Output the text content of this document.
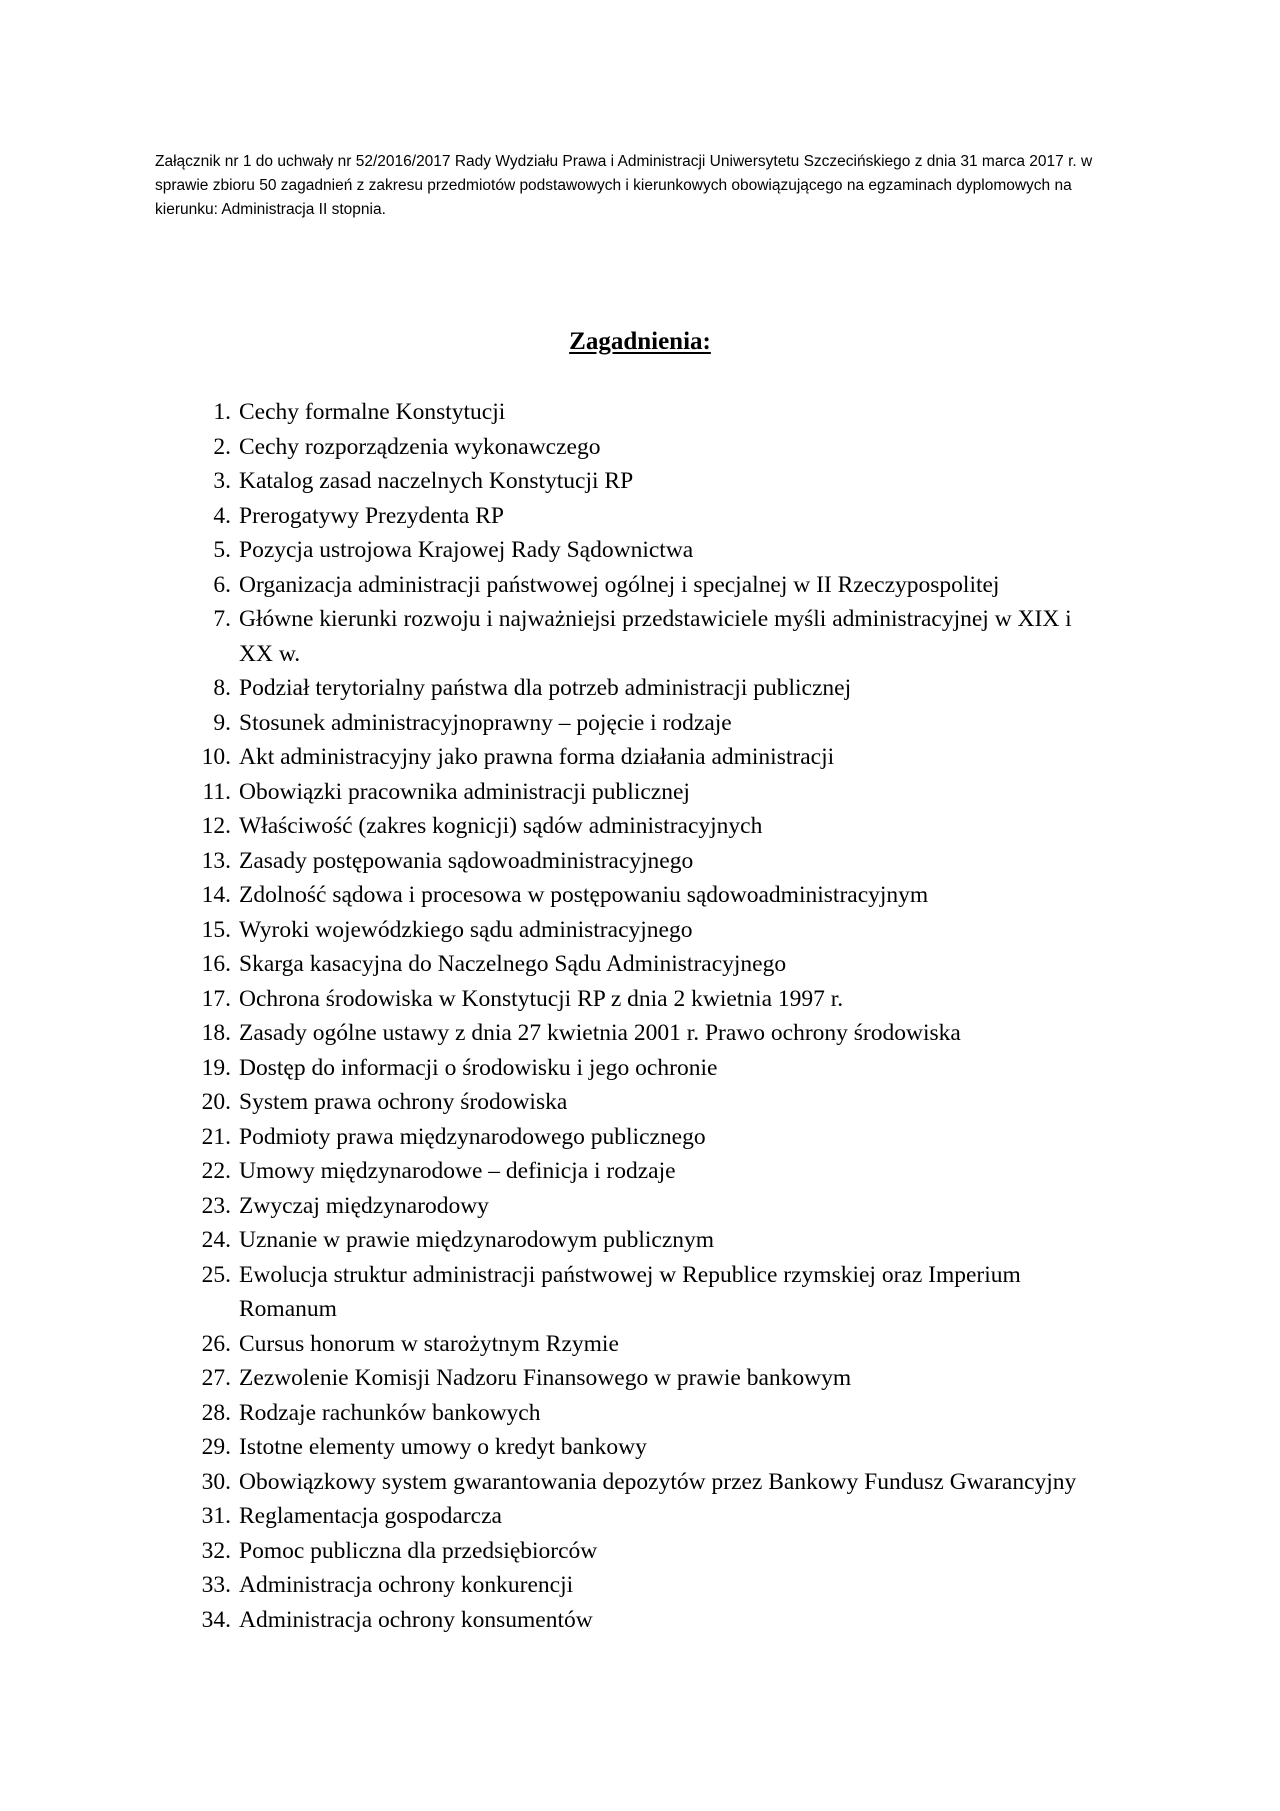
Załącznik nr 1 do uchwały nr 52/2016/2017 Rady Wydziału Prawa i Administracji Uniwersytetu Szczecińskiego z dnia 31 marca 2017 r. w sprawie zbioru 50 zagadnień z zakresu przedmiotów podstawowych i kierunkowych obowiązującego na egzaminach dyplomowych na kierunku: Administracja II stopnia.

Zagadnienia:
1. Cechy formalne Konstytucji
2. Cechy rozporządzenia wykonawczego
3. Katalog zasad naczelnych Konstytucji RP
4. Prerogatywy Prezydenta RP
5. Pozycja ustrojowa Krajowej Rady Sądownictwa
6. Organizacja administracji państwowej ogólnej i specjalnej w II Rzeczypospolitej
7. Główne kierunki rozwoju i najważniejsi przedstawiciele myśli administracyjnej w XIX i XX w.
8. Podział terytorialny państwa dla potrzeb administracji publicznej
9. Stosunek administracyjnoprawny – pojęcie i rodzaje
10. Akt administracyjny jako prawna forma działania administracji
11. Obowiązki pracownika administracji publicznej
12. Właściwość (zakres kognicji) sądów administracyjnych
13. Zasady postępowania sądowoadministracyjnego
14. Zdolność sądowa i procesowa w postępowaniu sądowoadministracyjnym
15. Wyroki wojewódzkiego sądu administracyjnego
16. Skarga kasacyjna do Naczelnego Sądu Administracyjnego
17. Ochrona środowiska w Konstytucji RP z dnia 2 kwietnia 1997 r.
18. Zasady ogólne ustawy z dnia 27 kwietnia 2001 r. Prawo ochrony środowiska
19. Dostęp do informacji o środowisku i jego ochronie
20. System prawa ochrony środowiska
21. Podmioty prawa międzynarodowego publicznego
22. Umowy międzynarodowe – definicja i rodzaje
23. Zwyczaj międzynarodowy
24. Uznanie w prawie międzynarodowym publicznym
25. Ewolucja struktur administracji państwowej w Republice rzymskiej oraz Imperium Romanum
26. Cursus honorum w starożytnym Rzymie
27. Zezwolenie Komisji Nadzoru Finansowego w prawie bankowym
28. Rodzaje rachunków bankowych
29. Istotne elementy umowy o kredyt bankowy
30. Obowiązkowy system gwarantowania depozytów przez Bankowy Fundusz Gwarancyjny
31. Reglamentacja gospodarcza
32. Pomoc publiczna dla przedsiębiorców
33. Administracja ochrony konkurencji
34. Administracja ochrony konsumentów
